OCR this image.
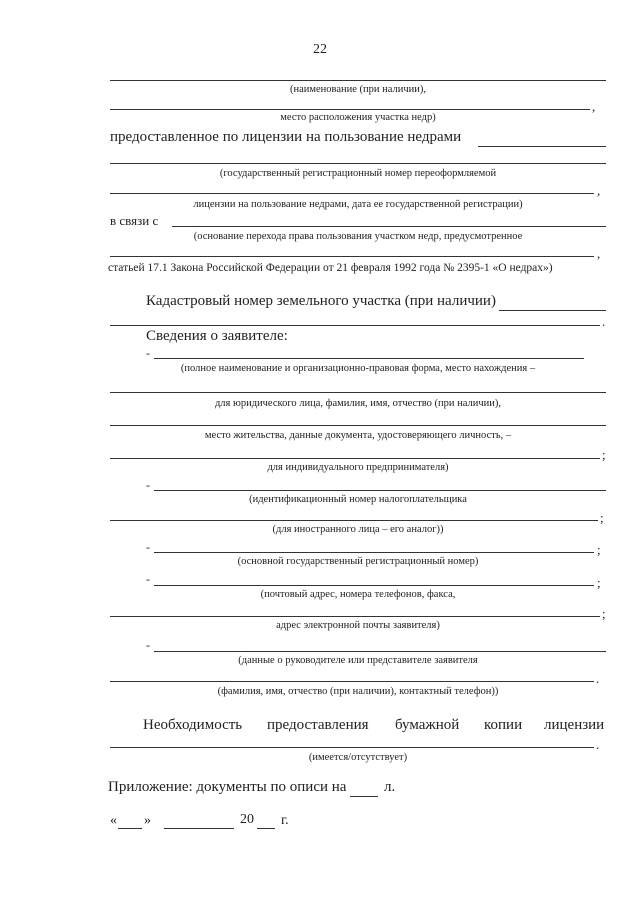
22
(наименование (при наличии),
,
место расположения участка недр)
предоставленное по лицензии на пользование недрами
(государственный регистрационный номер переоформляемой
,
лицензии на пользование недрами, дата ее государственной регистрации)
в связи с
(основание перехода права пользования участком недр, предусмотренное
,
статьей 17.1 Закона Российской Федерации от 21 февраля 1992 года № 2395-1 «О недрах»)
Кадастровый номер земельного участка (при наличии)
.
Сведения о заявителе:
-
(полное наименование и организационно-правовая форма, место нахождения –
для юридического лица, фамилия, имя, отчество (при наличии),
место жительства, данные документа, удостоверяющего личность, –
;
для индивидуального предпринимателя)
-
(идентификационный номер налогоплательщика
;
(для иностранного лица – его аналог))
-	;
(основной государственный регистрационный номер)
-	;
(почтовый адрес, номера телефонов, факса,
;
адрес электронной почты заявителя)
-
(данные о руководителе или представителе заявителя
.
(фамилия, имя, отчество (при наличии), контактный телефон))
Необходимость предоставления бумажной копии лицензии
.
(имеется/отсутствует)
Приложение: документы по описи на	л.
« »	20 г.
